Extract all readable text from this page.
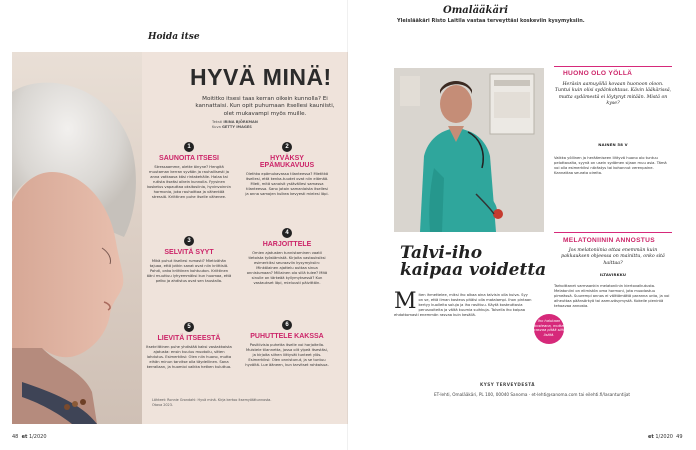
Hoida itse
HYVÄ MINÄ!
Moititko itsesi taas kerran oikein kunnolla? Ei kannattaisi. Kun opit puhumaan itsellesi kauniisti, olet mukavampi myös muille.
Teksti IRINA BJÖRKMAN
Kuva GETTY IMAGES
1
SAUNOITA ITSESI

Stressaamme, olette äinyne? Hengitä muutaman kerran syvään ja rauhallisesti ja anna vatkaava käsi rintakehälle. Halaa tai rutista itseäsi oikein kunnolla. Fyysinen kosketus vapauttaa oksitosiinia, hyvinvoinnin hormonia, joka rauhoittaa ja vähentää stressiä. Kriittinen puhe itselle vähenee.

2
HYVÄKSY EPÄMUKAVUUS

Olethko epämukavassa tilanteessa? Mietitkö itsellesi, että kenka-tuudet ovat niin elämää. Mieti, mitä sanoisit ystävällesi samassa tilanteessa. Sano jotain samanlaista itsellesi ja anna samojen kulkea kevyesti mielesi läpi.

3
SELVITÄ SYYT

Mikä puhut itsellesi rumasti? Mietivähän tajuaa, että jotkin sanat ovat niin kriittisiä. Pohdi, onko kriittinen kohtuuton. Kriittinen ääni muuttuu lyhyemmäksi kun huomaa, että pelko ja ahdistus ovat sen taustalla.

4
HARJOITTELE

Omien ajatusten tunnistaminen vaatii tietoista työstämistä. Kirjoita vastauksiksi esimerkiksi seuraaviin kysymyksiin: Minkälainen ajattelu auttaa sinua onnistumaan? Millainen olo sillä tulee? Mitä sinulle on tärkeää kyllymyksessä? Kun vastaukset läpi, mieluusti päivittäin.

5
LIEVITÄ ITSEESTÄ

Itsekriittinen puhe yhdistää kaksi vastakkaista ajatusta: ensin kuuluu muotoilu, sitten lohdutus. Esimerkiksi: Olen niin huono, mutta eihän minun tarvitse olla täydellinen. Sana kerrallaan, ja huomioi vaikka hetken kuluttua.

6
PUHUTTELE KAKSSA

Positiivisia puhetta itselle voi harjoitella. Muistele tilannetta, jossa olit ylpeä itsestäsi, ja kirjoita siihen liittyvät tunteet ylös. Esimerkiksi: Olen onnistunut, ja se tuntuu hyvältä. Lue ääneen, kun tarvitset rohkaisua.

Lähteet: Ronnie Grondahl: Hyvä minä. Kirja kertoo itsemyötätunnosta. Otava 2023.
48 et 1/2020
Omalääkäri
Yleislääkäri Risto Laitila vastaa terveyttäsi koskeviin kysymyksiin.
Talvi-iho
kaipaa voidetta
M iten ihmettelee, miksi iho alkaa aina talvisin olla kuiva. Syy on se, että ilman kosteus pitäisi olla matalampi. Ihon pintaan kertyy kuolleita soluja ja iho rasittuu. Käytä kosteuttavia perusvoiteita ja vältä kuumia suihkuja. Talvella iho kaipaa ehdottomasti enemmän rasvaa kuin kesällä.
Iho halutaan kosteana, mutta rasvaa pitää silti lisätä.
HUONO OLO YÖLLÄ
Heräsin aamuyöllä kovaan huonoon oloon. Tuntui kuin olisi sydänkohtaus. Kävin lääkärissä, mutta sydämestä ei löytynyt mitään. Mistä on kyse?
NAINEN 58 V
Vaikka yöllinen ja heräämiseen liittyvä huono olo tuntuu pelottavalta, syynä on usein sydämen sijaan muu asia. Tämä voi olla esimerkiksi närästys tai kohonnut verenpaine. Kannattaa seurata oireita.
MELATONIININ ANNOSTUS
Jos melatoniinia ottaa enemmän kuin pakkauksen ohjeessa on mainittu, onko sitä haittaa?
ILTAVIRKKU
Tarkoittanet varmaankin melatoniinin kiertovaikutusta. Melatoniini on elimistön oma hormoni, jota muodostuu pimeässä. Suurempi annos ei välttämättä paranna unta, ja voi aiheuttaa päänsärkyä tai aamuväsymystä. Kokeile pienintä tehoavaa annosta.
KYSY TERVEYDESTÄ
ET-lehti, Omalääkäri, PL 100, 00040 Sanoma · et-lehti@sanoma.com tai eilehti.fi/lasantuntijat
et 1/2020 49
